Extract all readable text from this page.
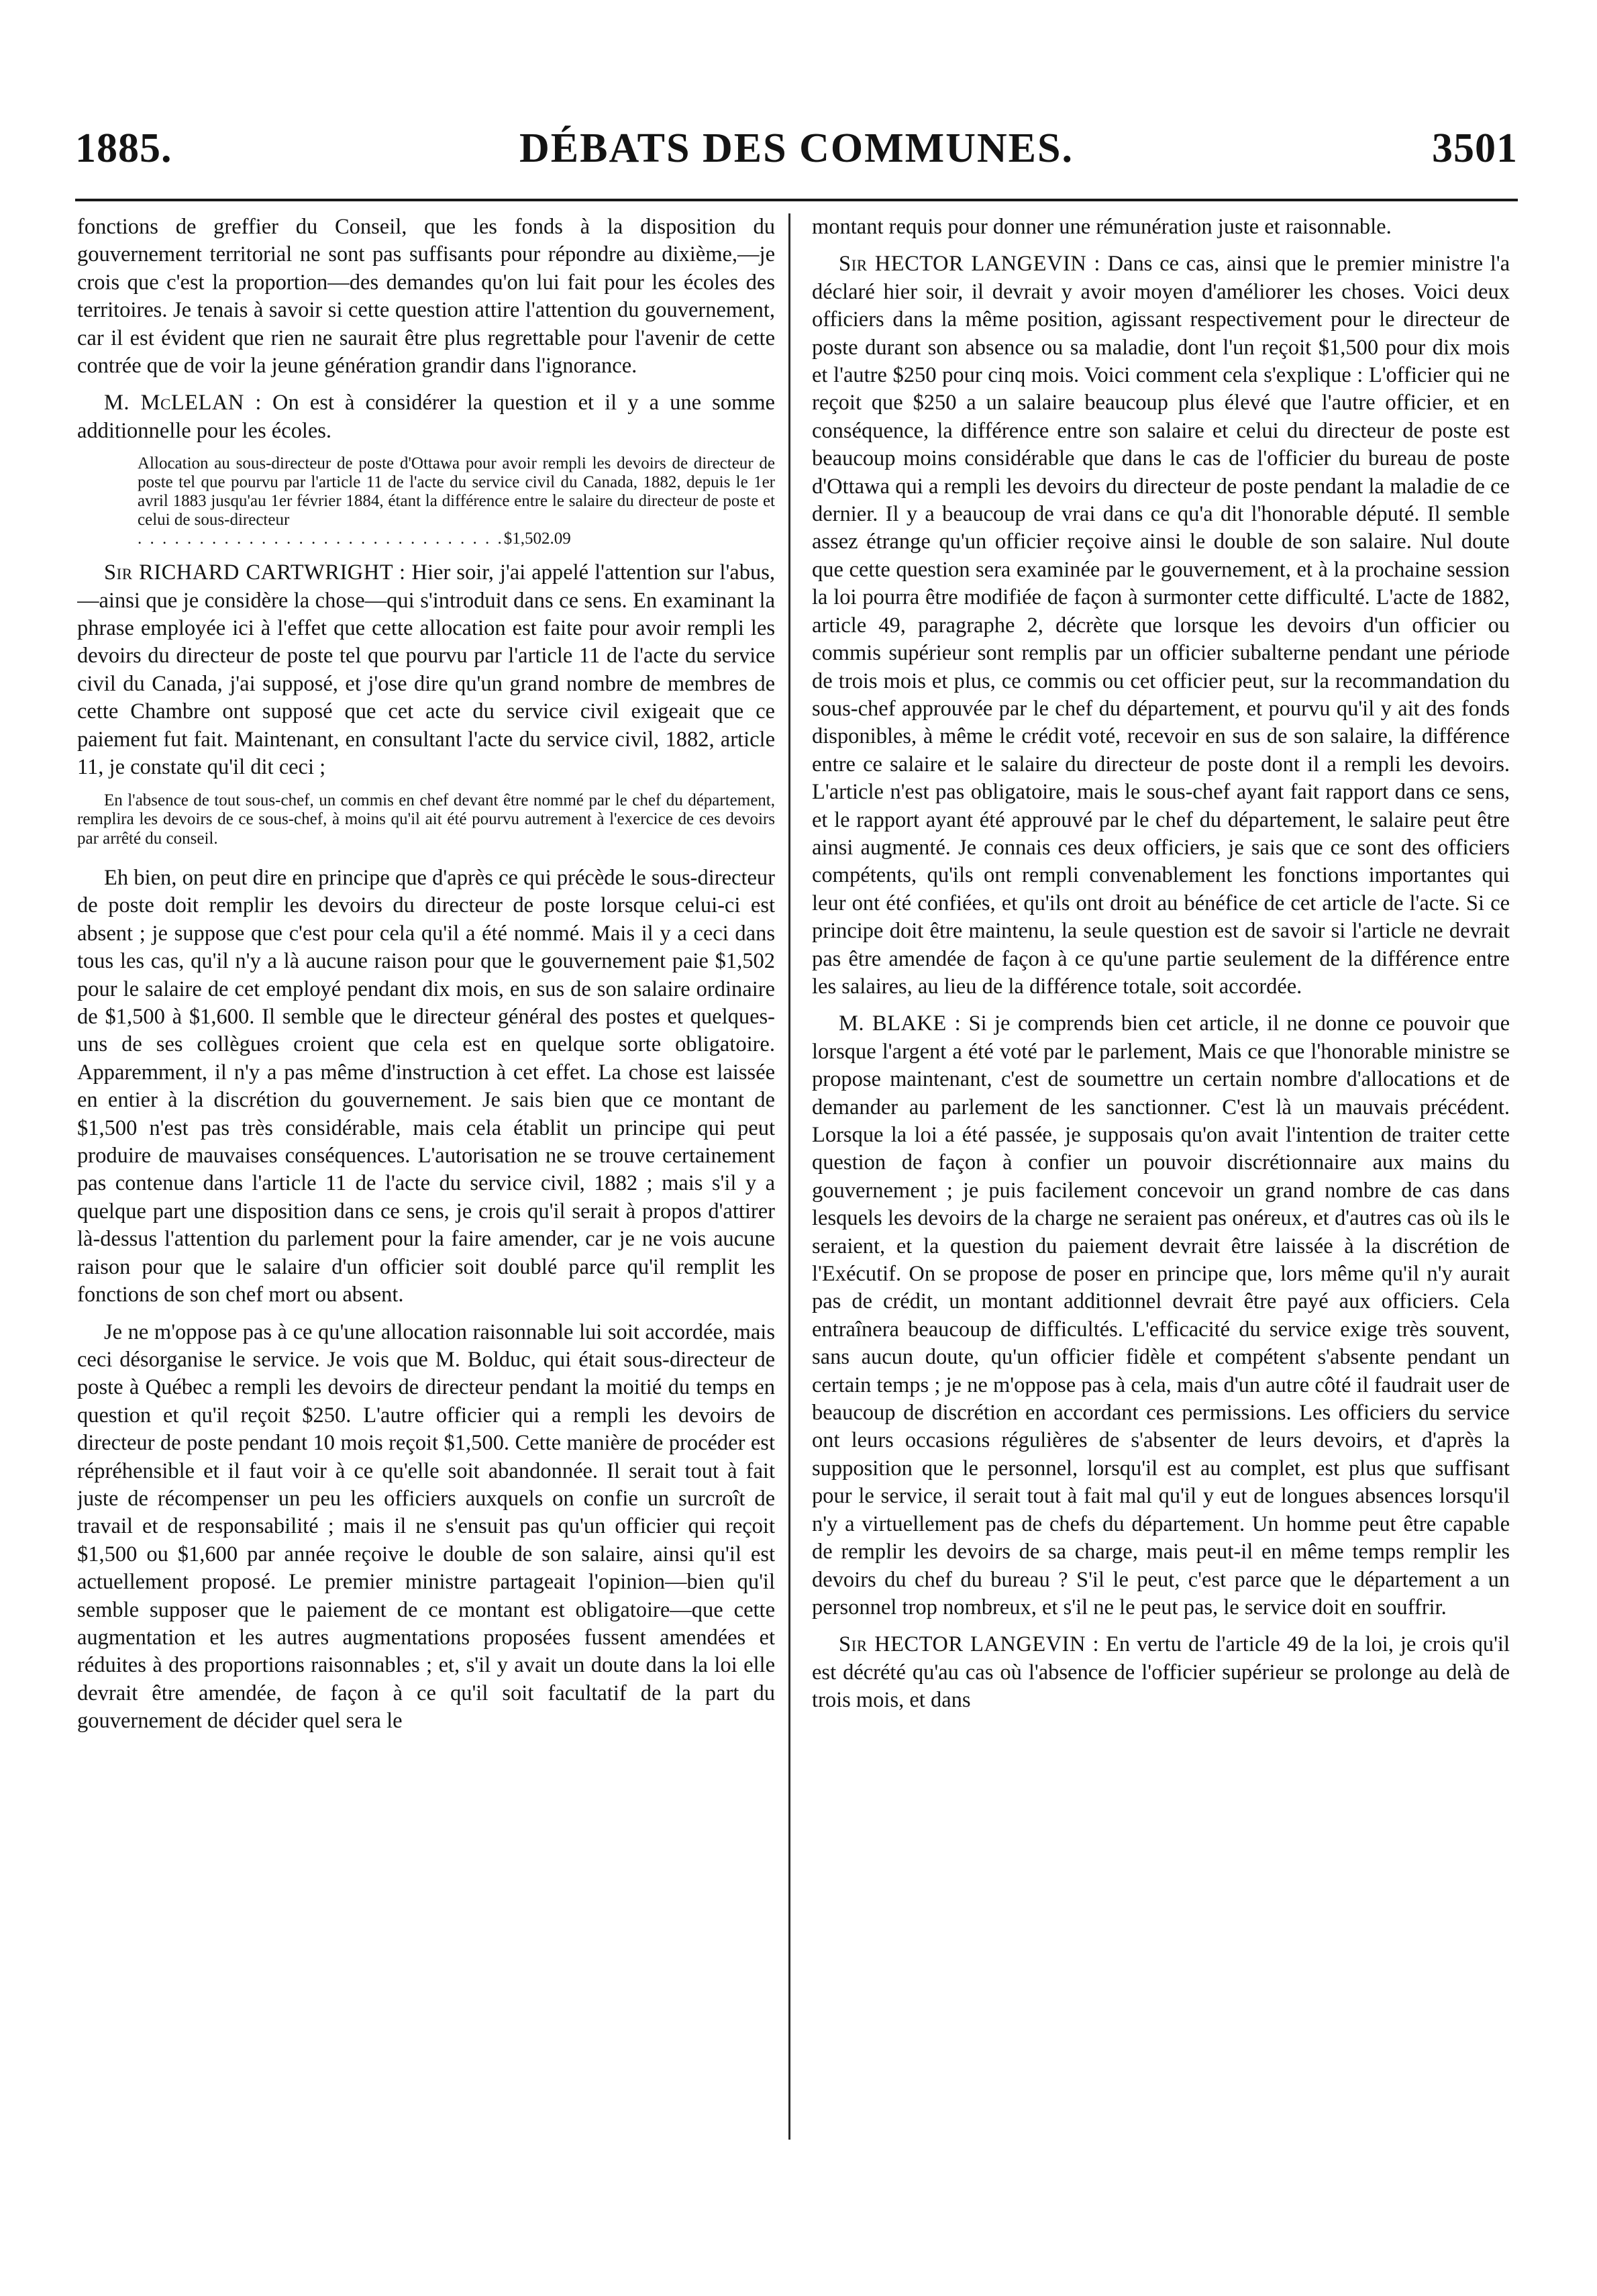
1885.	DÉBATS DES COMMUNES.	3501

fonctions de greffier du Conseil, que les fonds à la disposition du gouvernement territorial ne sont pas suffisants pour répondre au dixième,—je crois que c'est la proportion—des demandes qu'on lui fait pour les écoles des territoires. Je tenais à savoir si cette question attire l'attention du gouvernement, car il est évident que rien ne saurait être plus regrettable pour l'avenir de cette contrée que de voir la jeune génération grandir dans l'ignorance.

M. McLELAN : On est à considérer la question et il y a une somme additionnelle pour les écoles.

Allocation au sous-directeur de poste d'Ottawa pour avoir rempli les devoirs de directeur de poste tel que pourvu par l'article 11 de l'acte du service civil du Canada, 1882, depuis le 1er avril 1883 jusqu'au 1er février 1884, étant la différence entre le salaire du directeur de poste et celui de sous-directeur
. . . . . . . . . . . . . . . . . . . . . . . . . . . . . .$1,502.09

Sir RICHARD CARTWRIGHT : Hier soir, j'ai appelé l'attention sur l'abus,—ainsi que je considère la chose—qui s'introduit dans ce sens. En examinant la phrase employée ici à l'effet que cette allocation est faite pour avoir rempli les devoirs du directeur de poste tel que pourvu par l'article 11 de l'acte du service civil du Canada, j'ai supposé, et j'ose dire qu'un grand nombre de membres de cette Chambre ont supposé que cet acte du service civil exigeait que ce paiement fut fait. Maintenant, en consultant l'acte du service civil, 1882, article 11, je constate qu'il dit ceci ;

En l'absence de tout sous-chef, un commis en chef devant être nommé par le chef du département, remplira les devoirs de ce sous-chef, à moins qu'il ait été pourvu autrement à l'exercice de ces devoirs par arrêté du conseil.

Eh bien, on peut dire en principe que d'après ce qui précède le sous-directeur de poste doit remplir les devoirs du directeur de poste lorsque celui-ci est absent ; je suppose que c'est pour cela qu'il a été nommé. Mais il y a ceci dans tous les cas, qu'il n'y a là aucune raison pour que le gouvernement paie $1,502 pour le salaire de cet employé pendant dix mois, en sus de son salaire ordinaire de $1,500 à $1,600. Il semble que le directeur général des postes et quelques-uns de ses collègues croient que cela est en quelque sorte obligatoire. Apparemment, il n'y a pas même d'instruction à cet effet. La chose est laissée en entier à la discrétion du gouvernement. Je sais bien que ce montant de $1,500 n'est pas très considérable, mais cela établit un principe qui peut produire de mauvaises conséquences. L'autorisation ne se trouve certainement pas contenue dans l'article 11 de l'acte du service civil, 1882 ; mais s'il y a quelque part une disposition dans ce sens, je crois qu'il serait à propos d'attirer là-dessus l'attention du parlement pour la faire amender, car je ne vois aucune raison pour que le salaire d'un officier soit doublé parce qu'il remplit les fonctions de son chef mort ou absent.

Je ne m'oppose pas à ce qu'une allocation raisonnable lui soit accordée, mais ceci désorganise le service. Je vois que M. Bolduc, qui était sous-directeur de poste à Québec a rempli les devoirs de directeur pendant la moitié du temps en question et qu'il reçoit $250. L'autre officier qui a rempli les devoirs de directeur de poste pendant 10 mois reçoit $1,500. Cette manière de procéder est répréhensible et il faut voir à ce qu'elle soit abandonnée. Il serait tout à fait juste de récompenser un peu les officiers auxquels on confie un surcroît de travail et de responsabilité ; mais il ne s'ensuit pas qu'un officier qui reçoit $1,500 ou $1,600 par année reçoive le double de son salaire, ainsi qu'il est actuellement proposé. Le premier ministre partageait l'opinion—bien qu'il semble supposer que le paiement de ce montant est obligatoire—que cette augmentation et les autres augmentations proposées fussent amendées et réduites à des proportions raisonnables ; et, s'il y avait un doute dans la loi elle devrait être amendée, de façon à ce qu'il soit facultatif de la part du gouvernement de décider quel sera le

montant requis pour donner une rémunération juste et raisonnable.

Sir HECTOR LANGEVIN : Dans ce cas, ainsi que le premier ministre l'a déclaré hier soir, il devrait y avoir moyen d'améliorer les choses. Voici deux officiers dans la même position, agissant respectivement pour le directeur de poste durant son absence ou sa maladie, dont l'un reçoit $1,500 pour dix mois et l'autre $250 pour cinq mois. Voici comment cela s'explique : L'officier qui ne reçoit que $250 a un salaire beaucoup plus élevé que l'autre officier, et en conséquence, la différence entre son salaire et celui du directeur de poste est beaucoup moins considérable que dans le cas de l'officier du bureau de poste d'Ottawa qui a rempli les devoirs du directeur de poste pendant la maladie de ce dernier. Il y a beaucoup de vrai dans ce qu'a dit l'honorable député. Il semble assez étrange qu'un officier reçoive ainsi le double de son salaire. Nul doute que cette question sera examinée par le gouvernement, et à la prochaine session la loi pourra être modifiée de façon à surmonter cette difficulté. L'acte de 1882, article 49, paragraphe 2, décrète que lorsque les devoirs d'un officier ou commis supérieur sont remplis par un officier subalterne pendant une période de trois mois et plus, ce commis ou cet officier peut, sur la recommandation du sous-chef approuvée par le chef du département, et pourvu qu'il y ait des fonds disponibles, à même le crédit voté, recevoir en sus de son salaire, la différence entre ce salaire et le salaire du directeur de poste dont il a rempli les devoirs. L'article n'est pas obligatoire, mais le sous-chef ayant fait rapport dans ce sens, et le rapport ayant été approuvé par le chef du département, le salaire peut être ainsi augmenté. Je connais ces deux officiers, je sais que ce sont des officiers compétents, qu'ils ont rempli convenablement les fonctions importantes qui leur ont été confiées, et qu'ils ont droit au bénéfice de cet article de l'acte. Si ce principe doit être maintenu, la seule question est de savoir si l'article ne devrait pas être amendée de façon à ce qu'une partie seulement de la différence entre les salaires, au lieu de la différence totale, soit accordée.

M. BLAKE : Si je comprends bien cet article, il ne donne ce pouvoir que lorsque l'argent a été voté par le parlement, Mais ce que l'honorable ministre se propose maintenant, c'est de soumettre un certain nombre d'allocations et de demander au parlement de les sanctionner. C'est là un mauvais précédent. Lorsque la loi a été passée, je supposais qu'on avait l'intention de traiter cette question de façon à confier un pouvoir discrétionnaire aux mains du gouvernement ; je puis facilement concevoir un grand nombre de cas dans lesquels les devoirs de la charge ne seraient pas onéreux, et d'autres cas où ils le seraient, et la question du paiement devrait être laissée à la discrétion de l'Exécutif. On se propose de poser en principe que, lors même qu'il n'y aurait pas de crédit, un montant additionnel devrait être payé aux officiers. Cela entraînera beaucoup de difficultés. L'efficacité du service exige très souvent, sans aucun doute, qu'un officier fidèle et compétent s'absente pendant un certain temps ; je ne m'oppose pas à cela, mais d'un autre côté il faudrait user de beaucoup de discrétion en accordant ces permissions. Les officiers du service ont leurs occasions régulières de s'absenter de leurs devoirs, et d'après la supposition que le personnel, lorsqu'il est au complet, est plus que suffisant pour le service, il serait tout à fait mal qu'il y eut de longues absences lorsqu'il n'y a virtuellement pas de chefs du département. Un homme peut être capable de remplir les devoirs de sa charge, mais peut-il en même temps remplir les devoirs du chef du bureau ? S'il le peut, c'est parce que le département a un personnel trop nombreux, et s'il ne le peut pas, le service doit en souffrir.

Sir HECTOR LANGEVIN : En vertu de l'article 49 de la loi, je crois qu'il est décrété qu'au cas où l'absence de l'officier supérieur se prolonge au delà de trois mois, et dans
